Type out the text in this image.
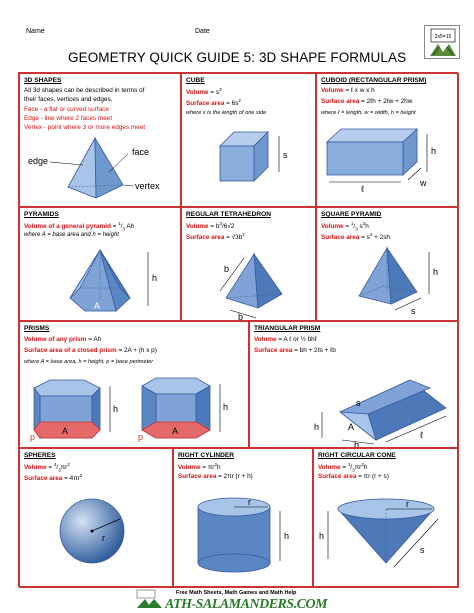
Name	Date
GEOMETRY QUICK GUIDE 5: 3D SHAPE FORMULAS
2x5=15
3D SHAPES
All 3d shapes can be described in terms of
their faces, vertices and edges.
Face - a flat or curved surface
Edge - line where 2 faces meet
Vertex - point where 3 or more edges meet
edge
face
vertex
CUBE
Volume = $s^3$
Surface area = $6s^2$
where s is the length of one side
s
CUBOID (RECTANGULAR PRISM)
Volume = ℓ x w x h
Surface area = 2ℓh + 2ℓw + 2hw
where ℓ = length, w = width, h = height
h
ℓ
w
PYRAMIDS
Volume of a general pyramid = $^1/_3$ Ah
where A = base area and h = height
h
A
REGULAR TETRAHEDRON
Volume = $b^3/6√2$
Surface area = $√3b^2$
b
b
SQUARE PYRAMID
Volume = $^1/_3$ $s^2h$
Surface area = $s^2 + 2sh$
h
s
PRISMS
Volume of any prism = Ah
Surface area of a closed prism = 2A + (h x p)
where A = base area, h = height, p = base perimeter
h
A
p
h
A
p
TRIANGULAR PRISM
Volume = A ℓ or ½ bhℓ
Surface area = bh + 2ℓs + ℓb
h
s
A
b
ℓ
SPHERES
Volume = $^4/_3\pi r^3$
Surface area = $4\pi r^2$
r
RIGHT CYLINDER
Volume = $\pi r^2h$
Surface area = 2πr (r + h)
r
h
RIGHT CIRCULAR CONE
Volume = $^1/_3\pi r^2h$
Surface area = πr (r + s)
r
h
s
Free Math Sheets, Math Games and Math Help
ATH-SALAMANDERS.COM
